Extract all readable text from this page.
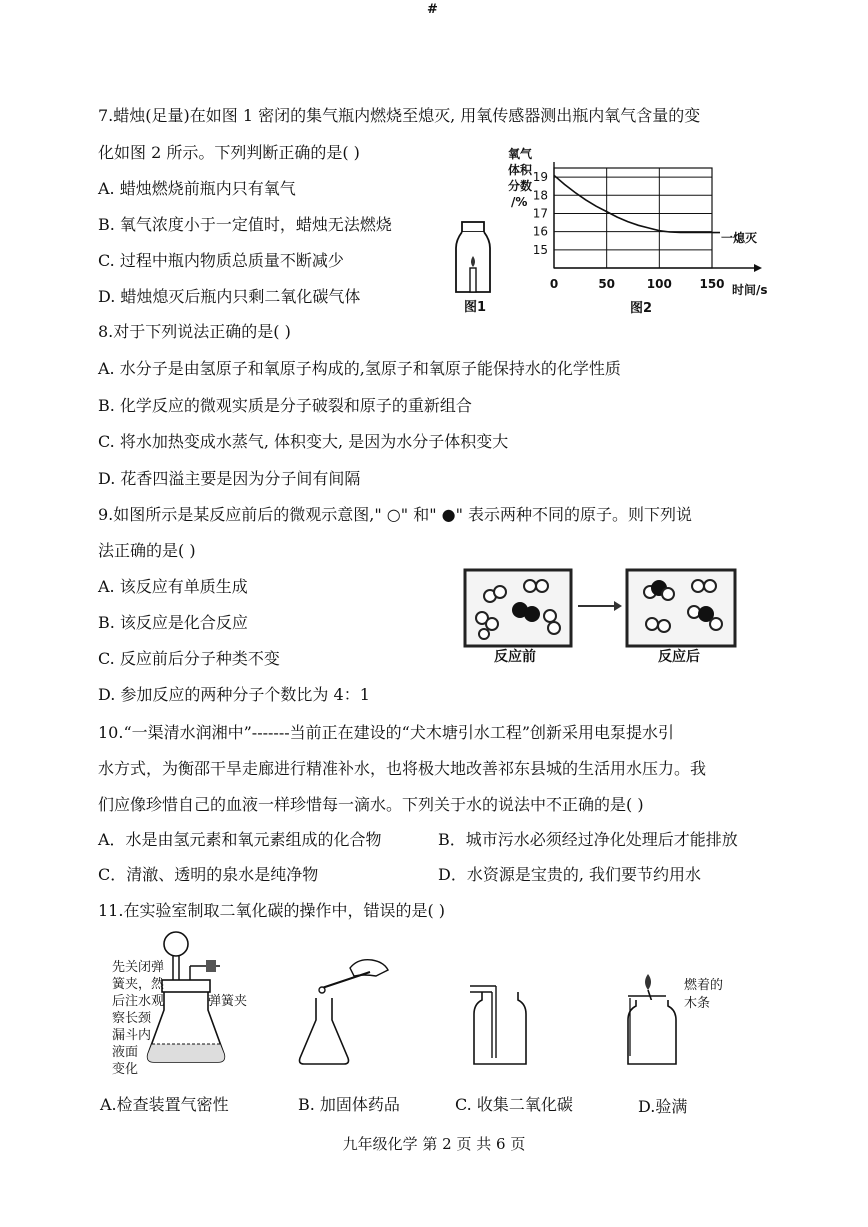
#
7.蜡烛(足量)在如图 1 密闭的集气瓶内燃烧至熄灭, 用氧传感器测出瓶内氧气含量的变
化如图 2 所示。下列判断正确的是( )
A. 蜡烛燃烧前瓶内只有氧气
B. 氧气浓度小于一定值时，蜡烛无法燃烧
C. 过程中瓶内物质总质量不断减少
D. 蜡烛熄灭后瓶内只剩二氧化碳气体
图1
15
16
17
18
19
0	50	100 150
氧气
体积
分数
/%
时间/s
一熄灭
图2
8.对于下列说法正确的是( )
A. 水分子是由氢原子和氧原子构成的,氢原子和氧原子能保持水的化学性质
B. 化学反应的微观实质是分子破裂和原子的重新组合
C. 将水加热变成水蒸气, 体积变大, 是因为水分子体积变大
D. 花香四溢主要是因为分子间有间隔
9.如图所示是某反应前后的微观示意图," ○" 和" ●" 表示两种不同的原子。则下列说
法正确的是( )
A. 该反应有单质生成
B. 该反应是化合反应
C. 反应前后分子种类不变
D. 参加反应的两种分子个数比为 4：1
反应前	反应后
10.“一渠清水润湘中”-------当前正在建设的“犬木塘引水工程”创新采用电泵提水引
水方式，为衡邵干旱走廊进行精准补水，也将极大地改善祁东县城的生活用水压力。我
们应像珍惜自己的血液一样珍惜每一滴水。下列关于水的说法中不正确的是( )
A．水是由氢元素和氧元素组成的化合物	B．城市污水必须经过净化处理后才能排放
C．清澈、透明的泉水是纯净物	D．水资源是宝贵的, 我们要节约用水
11.在实验室制取二氧化碳的操作中，错误的是( )
先关闭弹
簧夹，然
后注水观
察长颈
漏斗内
液面
变化
弹簧夹
燃着的
木条
A.检查装置气密性	B. 加固体药品	C. 收集二氧化碳	D.验满
九年级化学 第 2 页 共 6 页
